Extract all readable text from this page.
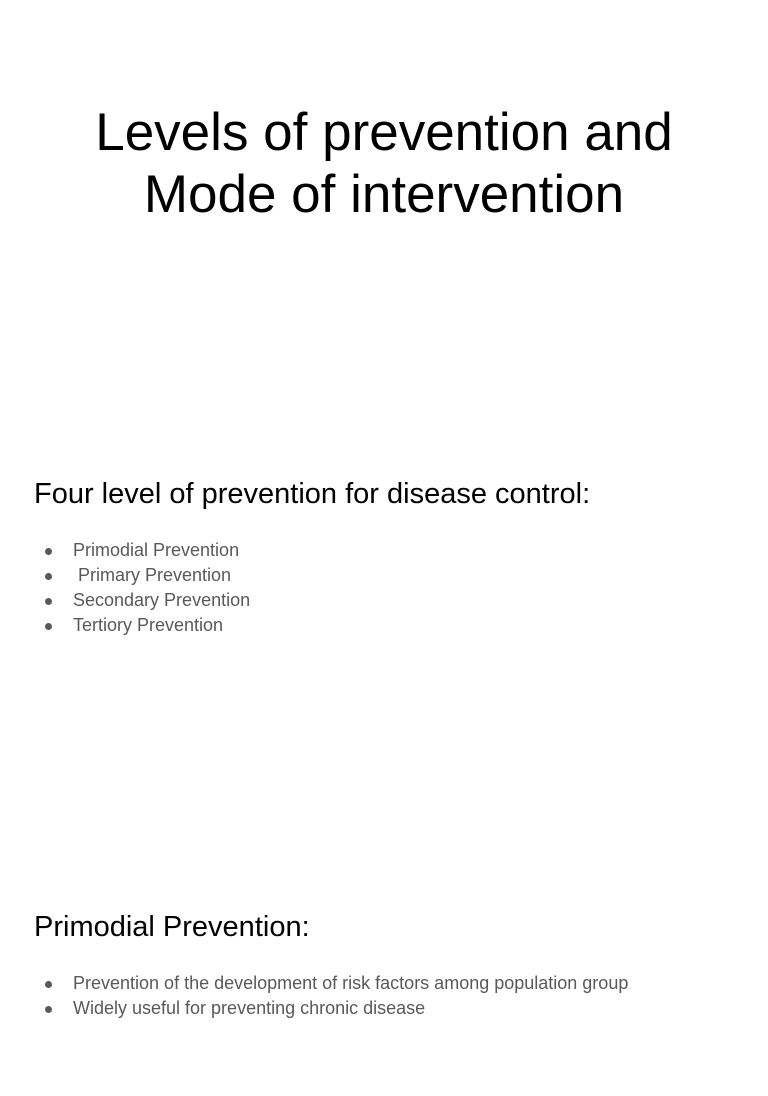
Levels of prevention and
Mode of intervention
Four level of prevention for disease control:

Primodial Prevention

Primary Prevention

Secondary Prevention

Tertiory Prevention

Primodial Prevention:

Prevention of the development of risk factors among population group

Widely useful for preventing chronic disease
